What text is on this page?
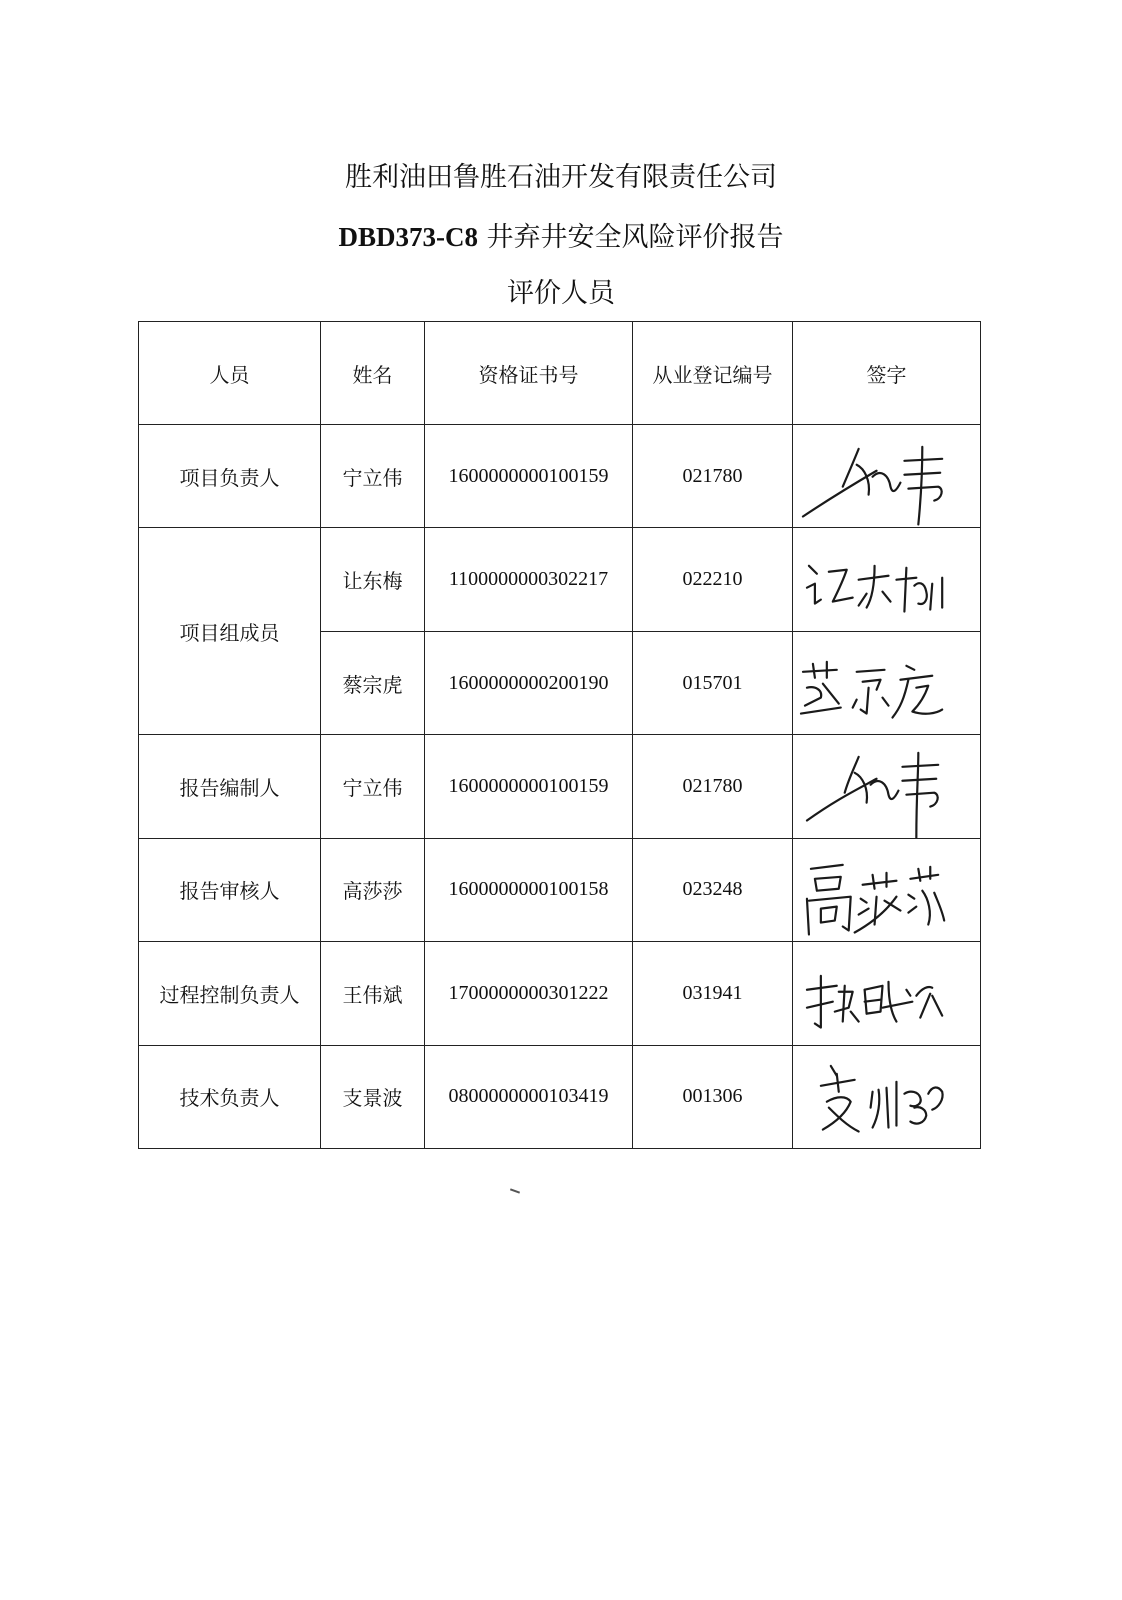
胜利油田鲁胜石油开发有限责任公司
DBD373-C8 井弃井安全风险评价报告
评价人员
人员	姓名	资格证书号	从业登记编号	签字
项目负责人	宁立伟	1600000000100159	021780	

项目组成员	让东梅	1100000000302217	022210	

	蔡宗虎	1600000000200190	015701	

报告编制人	宁立伟	1600000000100159	021780	

报告审核人	高莎莎	1600000000100158	023248	

过程控制负责人	王伟斌	1700000000301222	031941	

技术负责人	支景波	0800000000103419	001306	
